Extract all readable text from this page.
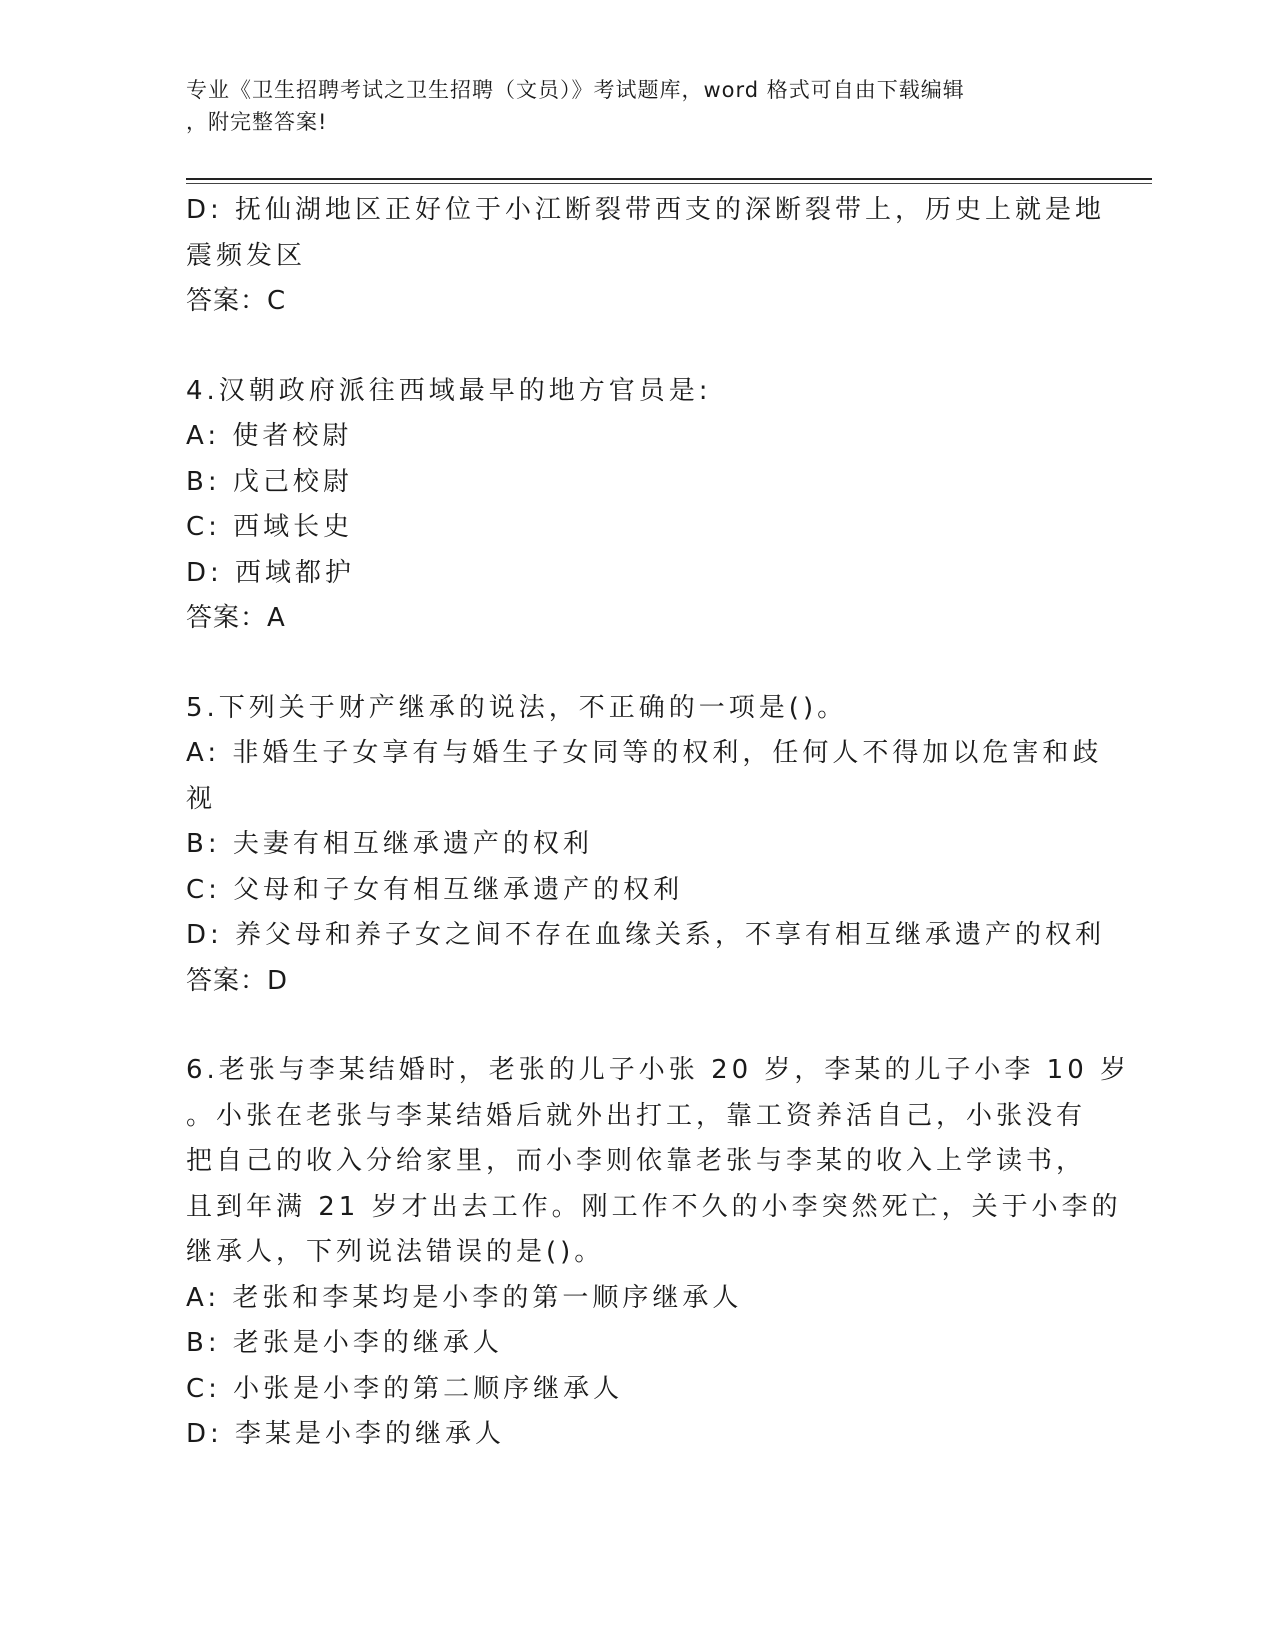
专业《卫生招聘考试之卫生招聘（文员）》考试题库，word 格式可自由下载编辑
，附完整答案!
D: 抚仙湖地区正好位于小江断裂带西支的深断裂带上，历史上就是地
震频发区
答案：C
4.汉朝政府派往西域最早的地方官员是:
A: 使者校尉
B: 戊己校尉
C: 西域长史
D: 西域都护
答案：A
5.下列关于财产继承的说法，不正确的一项是()。
A: 非婚生子女享有与婚生子女同等的权利，任何人不得加以危害和歧
视
B: 夫妻有相互继承遗产的权利
C: 父母和子女有相互继承遗产的权利
D: 养父母和养子女之间不存在血缘关系，不享有相互继承遗产的权利
答案：D
6.老张与李某结婚时，老张的儿子小张 20 岁，李某的儿子小李 10 岁
。小张在老张与李某结婚后就外出打工，靠工资养活自己，小张没有
把自己的收入分给家里，而小李则依靠老张与李某的收入上学读书，
且到年满 21 岁才出去工作。刚工作不久的小李突然死亡，关于小李的
继承人，下列说法错误的是()。
A: 老张和李某均是小李的第一顺序继承人
B: 老张是小李的继承人
C: 小张是小李的第二顺序继承人
D: 李某是小李的继承人
